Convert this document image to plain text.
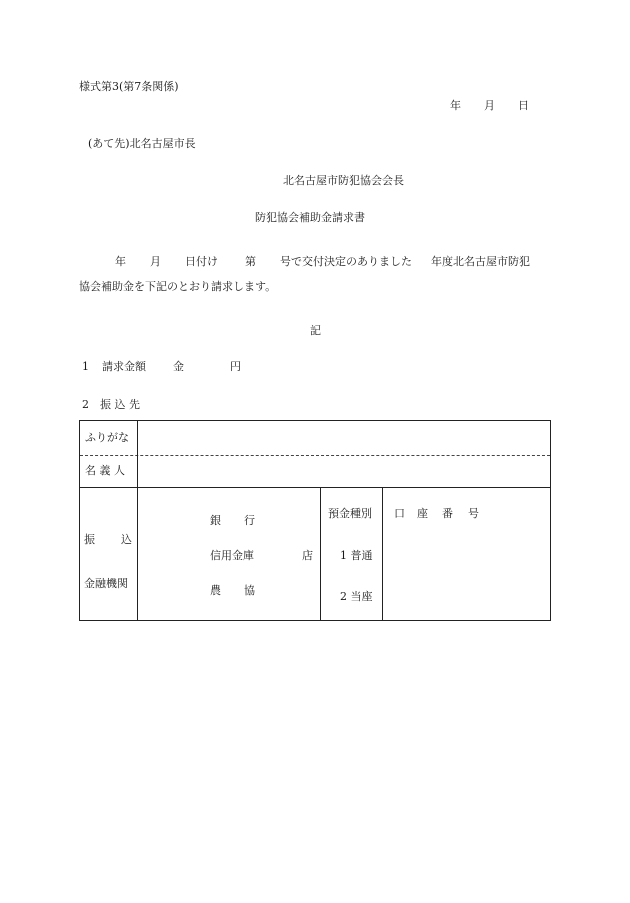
様式第3(第7条関係)
年 月 日
(あて先)北名古屋市長
北名古屋市防犯協会会長
防犯協会補助金請求書
年 月 日付け 第 号で交付決定のありました 年度北名古屋市防犯
協会補助金を下記のとおり請求します。
記
1 請求金額 金	円
2 振 込 先
ふりがな
名 義 人
振 込
金融機関
銀 行
信用金庫	店
農 協
預金種別
1 普通
2 当座
口 座 番 号
